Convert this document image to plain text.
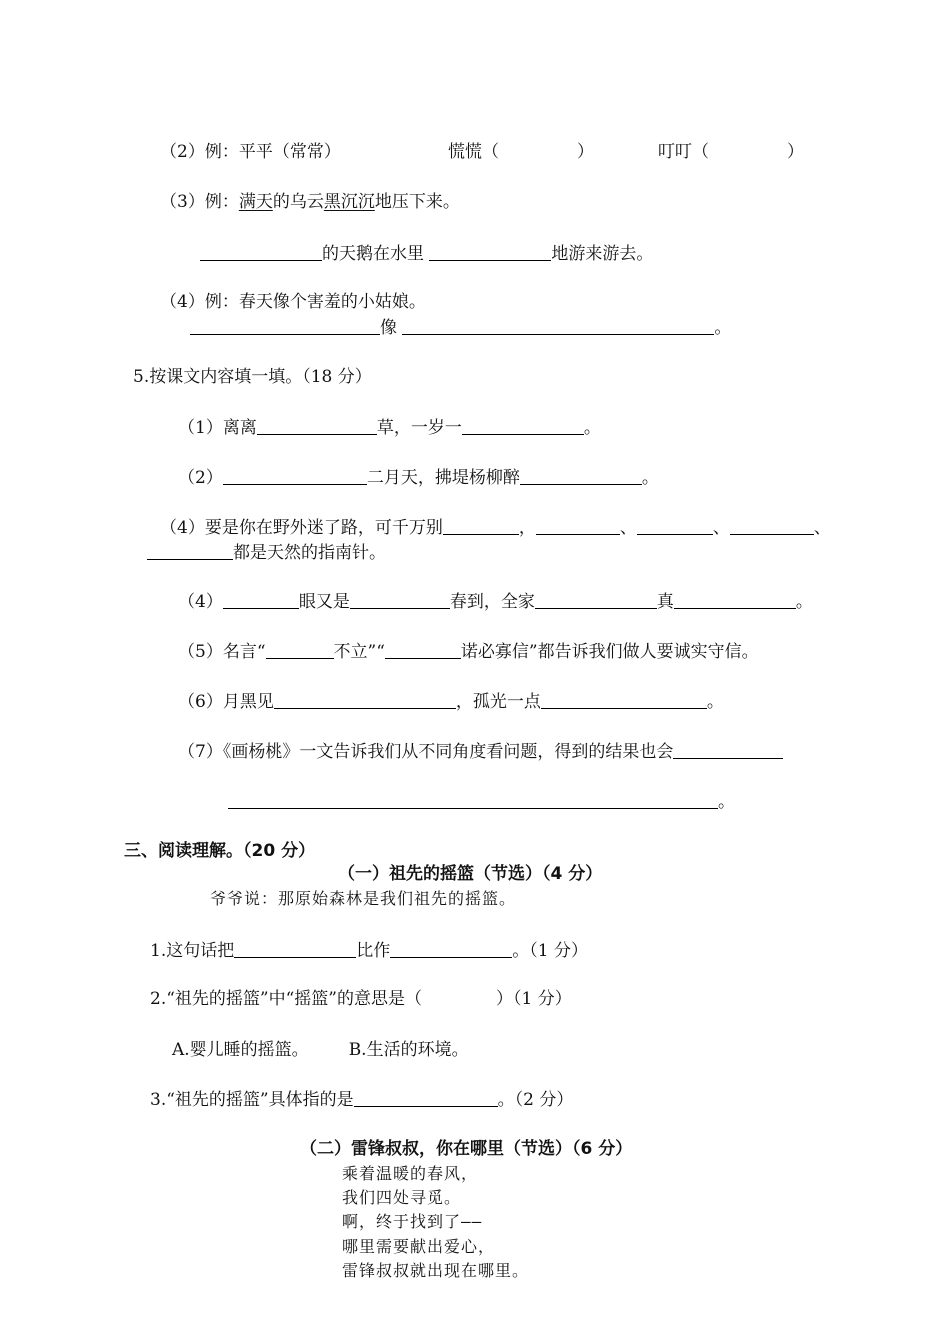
（2）例：平平（常常）	慌慌（	）	叮叮（	）
（3）例：满天的乌云黑沉沉地压下来。
的天鹅在水里	地游来游去。
（4）例：春天像个害羞的小姑娘。
像	。
5.按课文内容填一填。（18 分）
（1）离离	草，一岁一	。
（2）	二月天，拂堤杨柳醉	。
（4）要是你在野外迷了路，可千万别	，	、	、	、
都是天然的指南针。
（4）	眼又是	春到，全家	真	。
（5）名言“	不立”“	诺必寡信”都告诉我们做人要诚实守信。
（6）月黑见	，孤光一点	。
（7）《画杨桃》一文告诉我们从不同角度看问题，得到的结果也会
。
三、阅读理解。（20 分）
（一）祖先的摇篮（节选）（4 分）
爷爷说：那原始森林是我们祖先的摇篮。
1.这句话把	比作	。（1 分）
2.“祖先的摇篮”中“摇篮”的意思是（	）（1 分）
A.婴儿睡的摇篮。 B.生活的环境。
3.“祖先的摇篮”具体指的是	。（2 分）
（二）雷锋叔叔，你在哪里（节选）（6 分）
乘着温暖的春风，
我们四处寻觅。
啊，终于找到了——
哪里需要献出爱心，
雷锋叔叔就出现在哪里。
